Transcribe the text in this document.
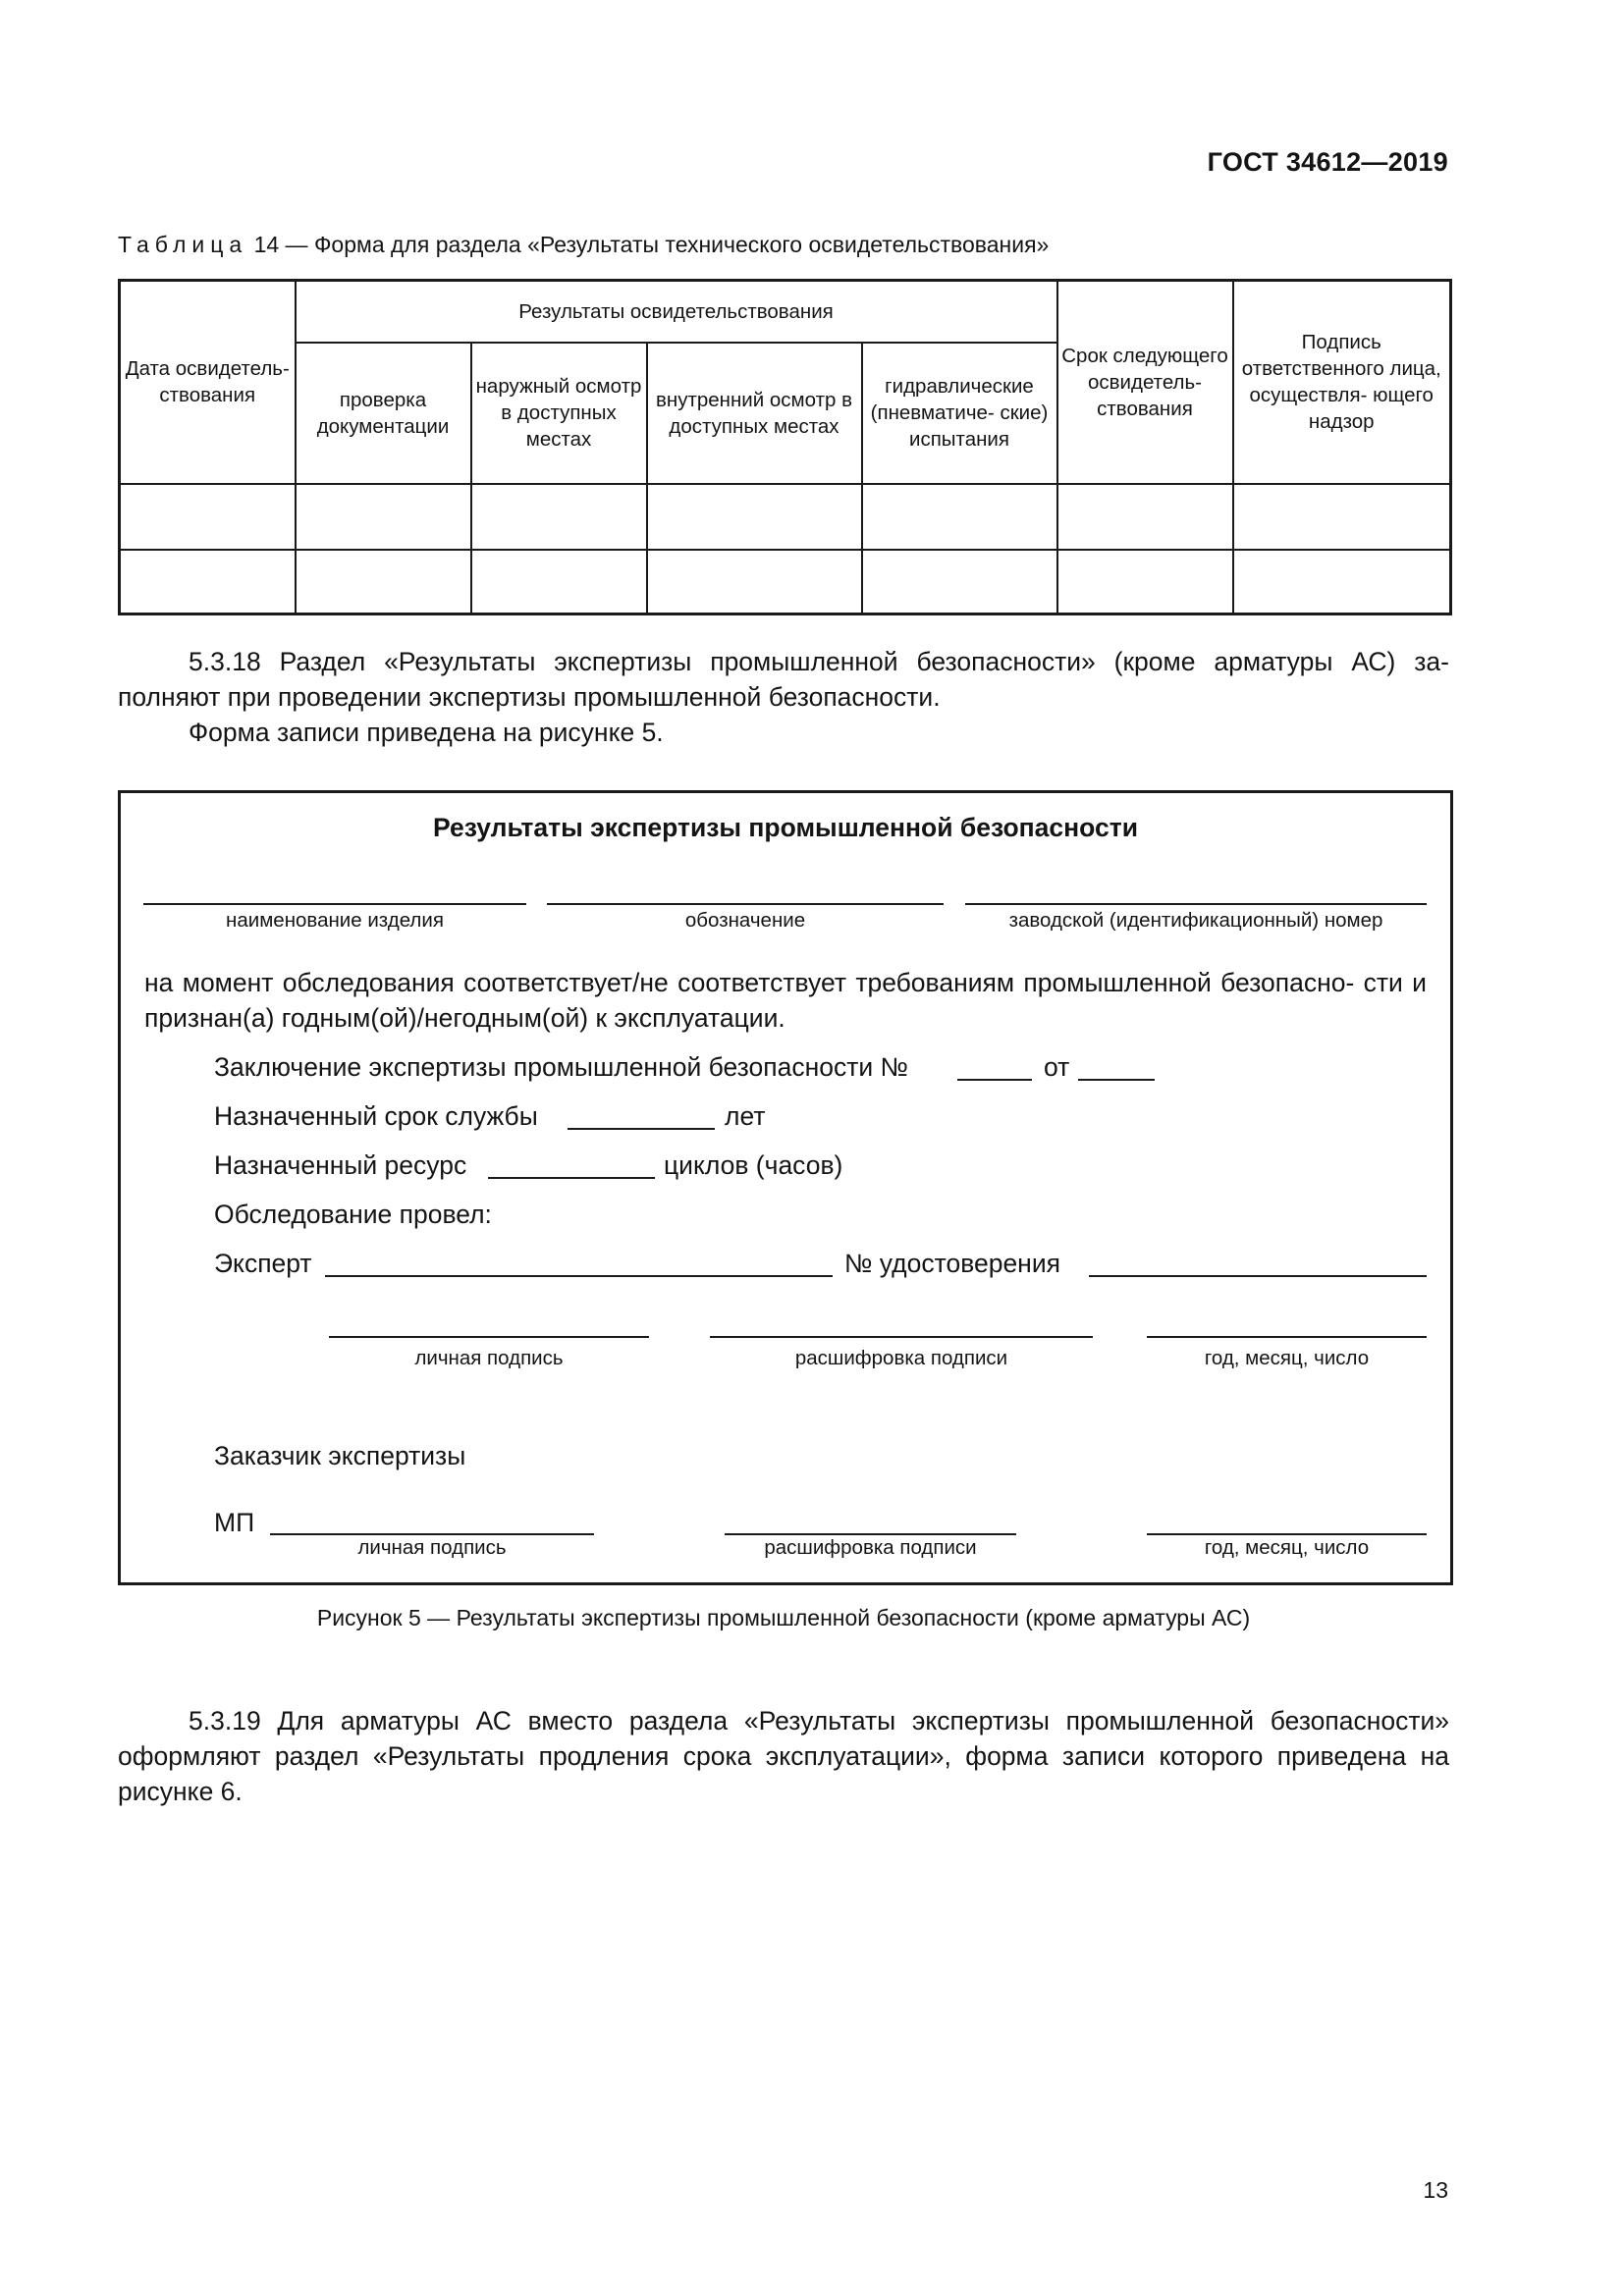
ГОСТ 34612—2019
Таблица 14 — Форма для раздела «Результаты технического освидетельствования»
Дата освидетель- ствования	Результаты освидетельствования				Срок следующего освидетель- ствования	Подпись ответственного лица, осуществля- ющего надзор
	проверка документации	наружный осмотр в доступных местах	внутренний осмотр в доступных местах	гидравлические (пневматиче- ские) испытания		

5.3.18 Раздел «Результаты экспертизы промышленной безопасности» (кроме арматуры АС) за-
полняют при проведении экспертизы промышленной безопасности.
Форма записи приведена на рисунке 5.
Результаты экспертизы промышленной безопасности
наименование изделия	обозначение	заводской (идентификационный) номер
на момент обследования соответствует/не соответствует требованиям промышленной безопасно- сти и признан(а) годным(ой)/негодным(ой) к эксплуатации.
Заключение экспертизы промышленной безопасности №	от
Назначенный срок службы	лет
Назначенный ресурс	циклов (часов)
Обследование провел:
Эксперт	№ удостоверения
личная подпись	расшифровка подписи	год, месяц, число
Заказчик экспертизы
МП
личная подпись	расшифровка подписи	год, месяц, число
Рисунок 5 — Результаты экспертизы промышленной безопасности (кроме арматуры АС)
5.3.19 Для арматуры АС вместо раздела «Результаты экспертизы промышленной безопасности» оформляют раздел «Результаты продления срока эксплуатации», форма записи которого приведена на рисунке 6.
13
